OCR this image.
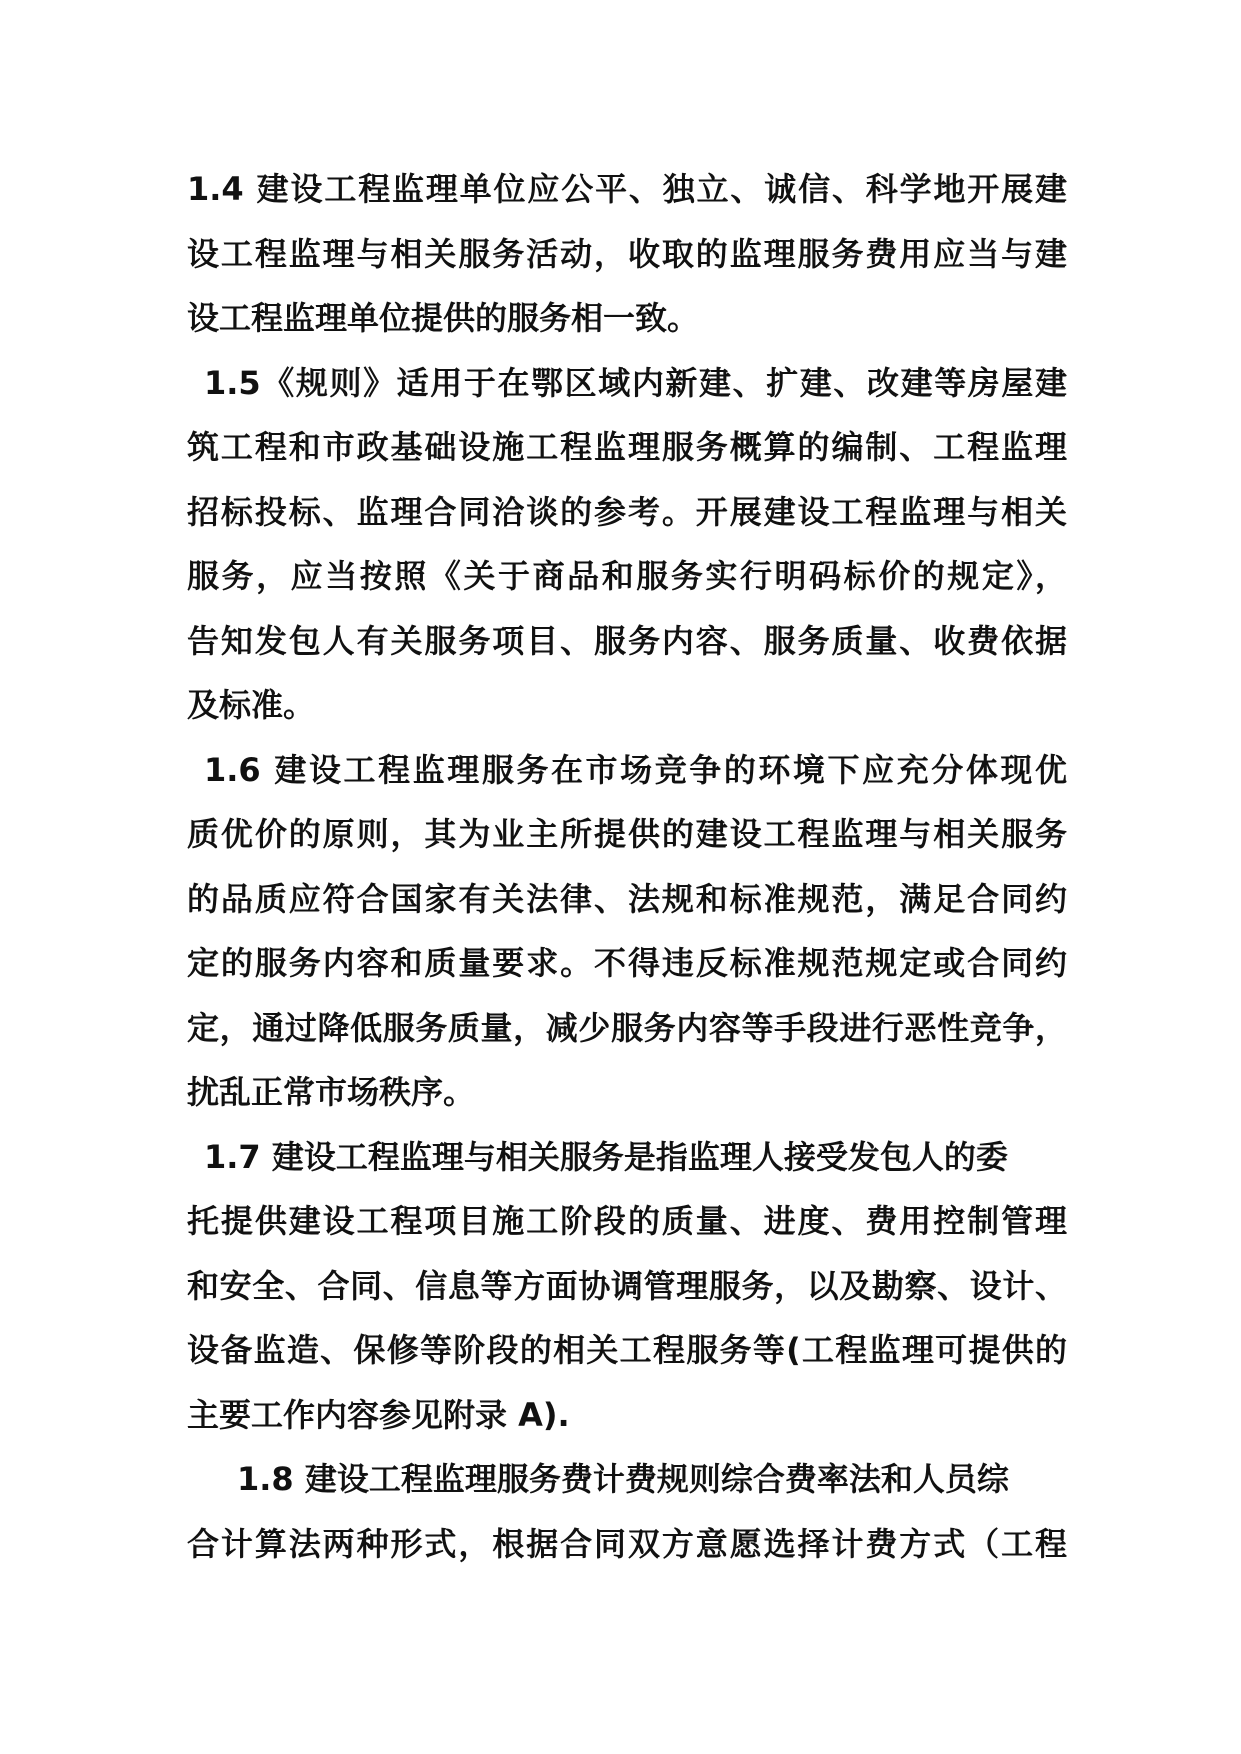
1.4 建设工程监理单位应公平、独立、诚信、科学地开展建
设工程监理与相关服务活动，收取的监理服务费用应当与建
设工程监理单位提供的服务相一致。
1.5《规则》适用于在鄂区域内新建、扩建、改建等房屋建
筑工程和市政基础设施工程监理服务概算的编制、工程监理
招标投标、监理合同洽谈的参考。开展建设工程监理与相关
服务，应当按照《关于商品和服务实行明码标价的规定》，
告知发包人有关服务项目、服务内容、服务质量、收费依据
及标准。
1.6 建设工程监理服务在市场竞争的环境下应充分体现优
质优价的原则，其为业主所提供的建设工程监理与相关服务
的品质应符合国家有关法律、法规和标准规范，满足合同约
定的服务内容和质量要求。不得违反标准规范规定或合同约
定，通过降低服务质量，减少服务内容等手段进行恶性竞争，
扰乱正常市场秩序。
1.7 建设工程监理与相关服务是指监理人接受发包人的委
托提供建设工程项目施工阶段的质量、进度、费用控制管理
和安全、合同、信息等方面协调管理服务，以及勘察、设计、
设备监造、保修等阶段的相关工程服务等(工程监理可提供的
主要工作内容参见附录 A).
1.8 建设工程监理服务费计费规则综合费率法和人员综
合计算法两种形式，根据合同双方意愿选择计费方式（工程
